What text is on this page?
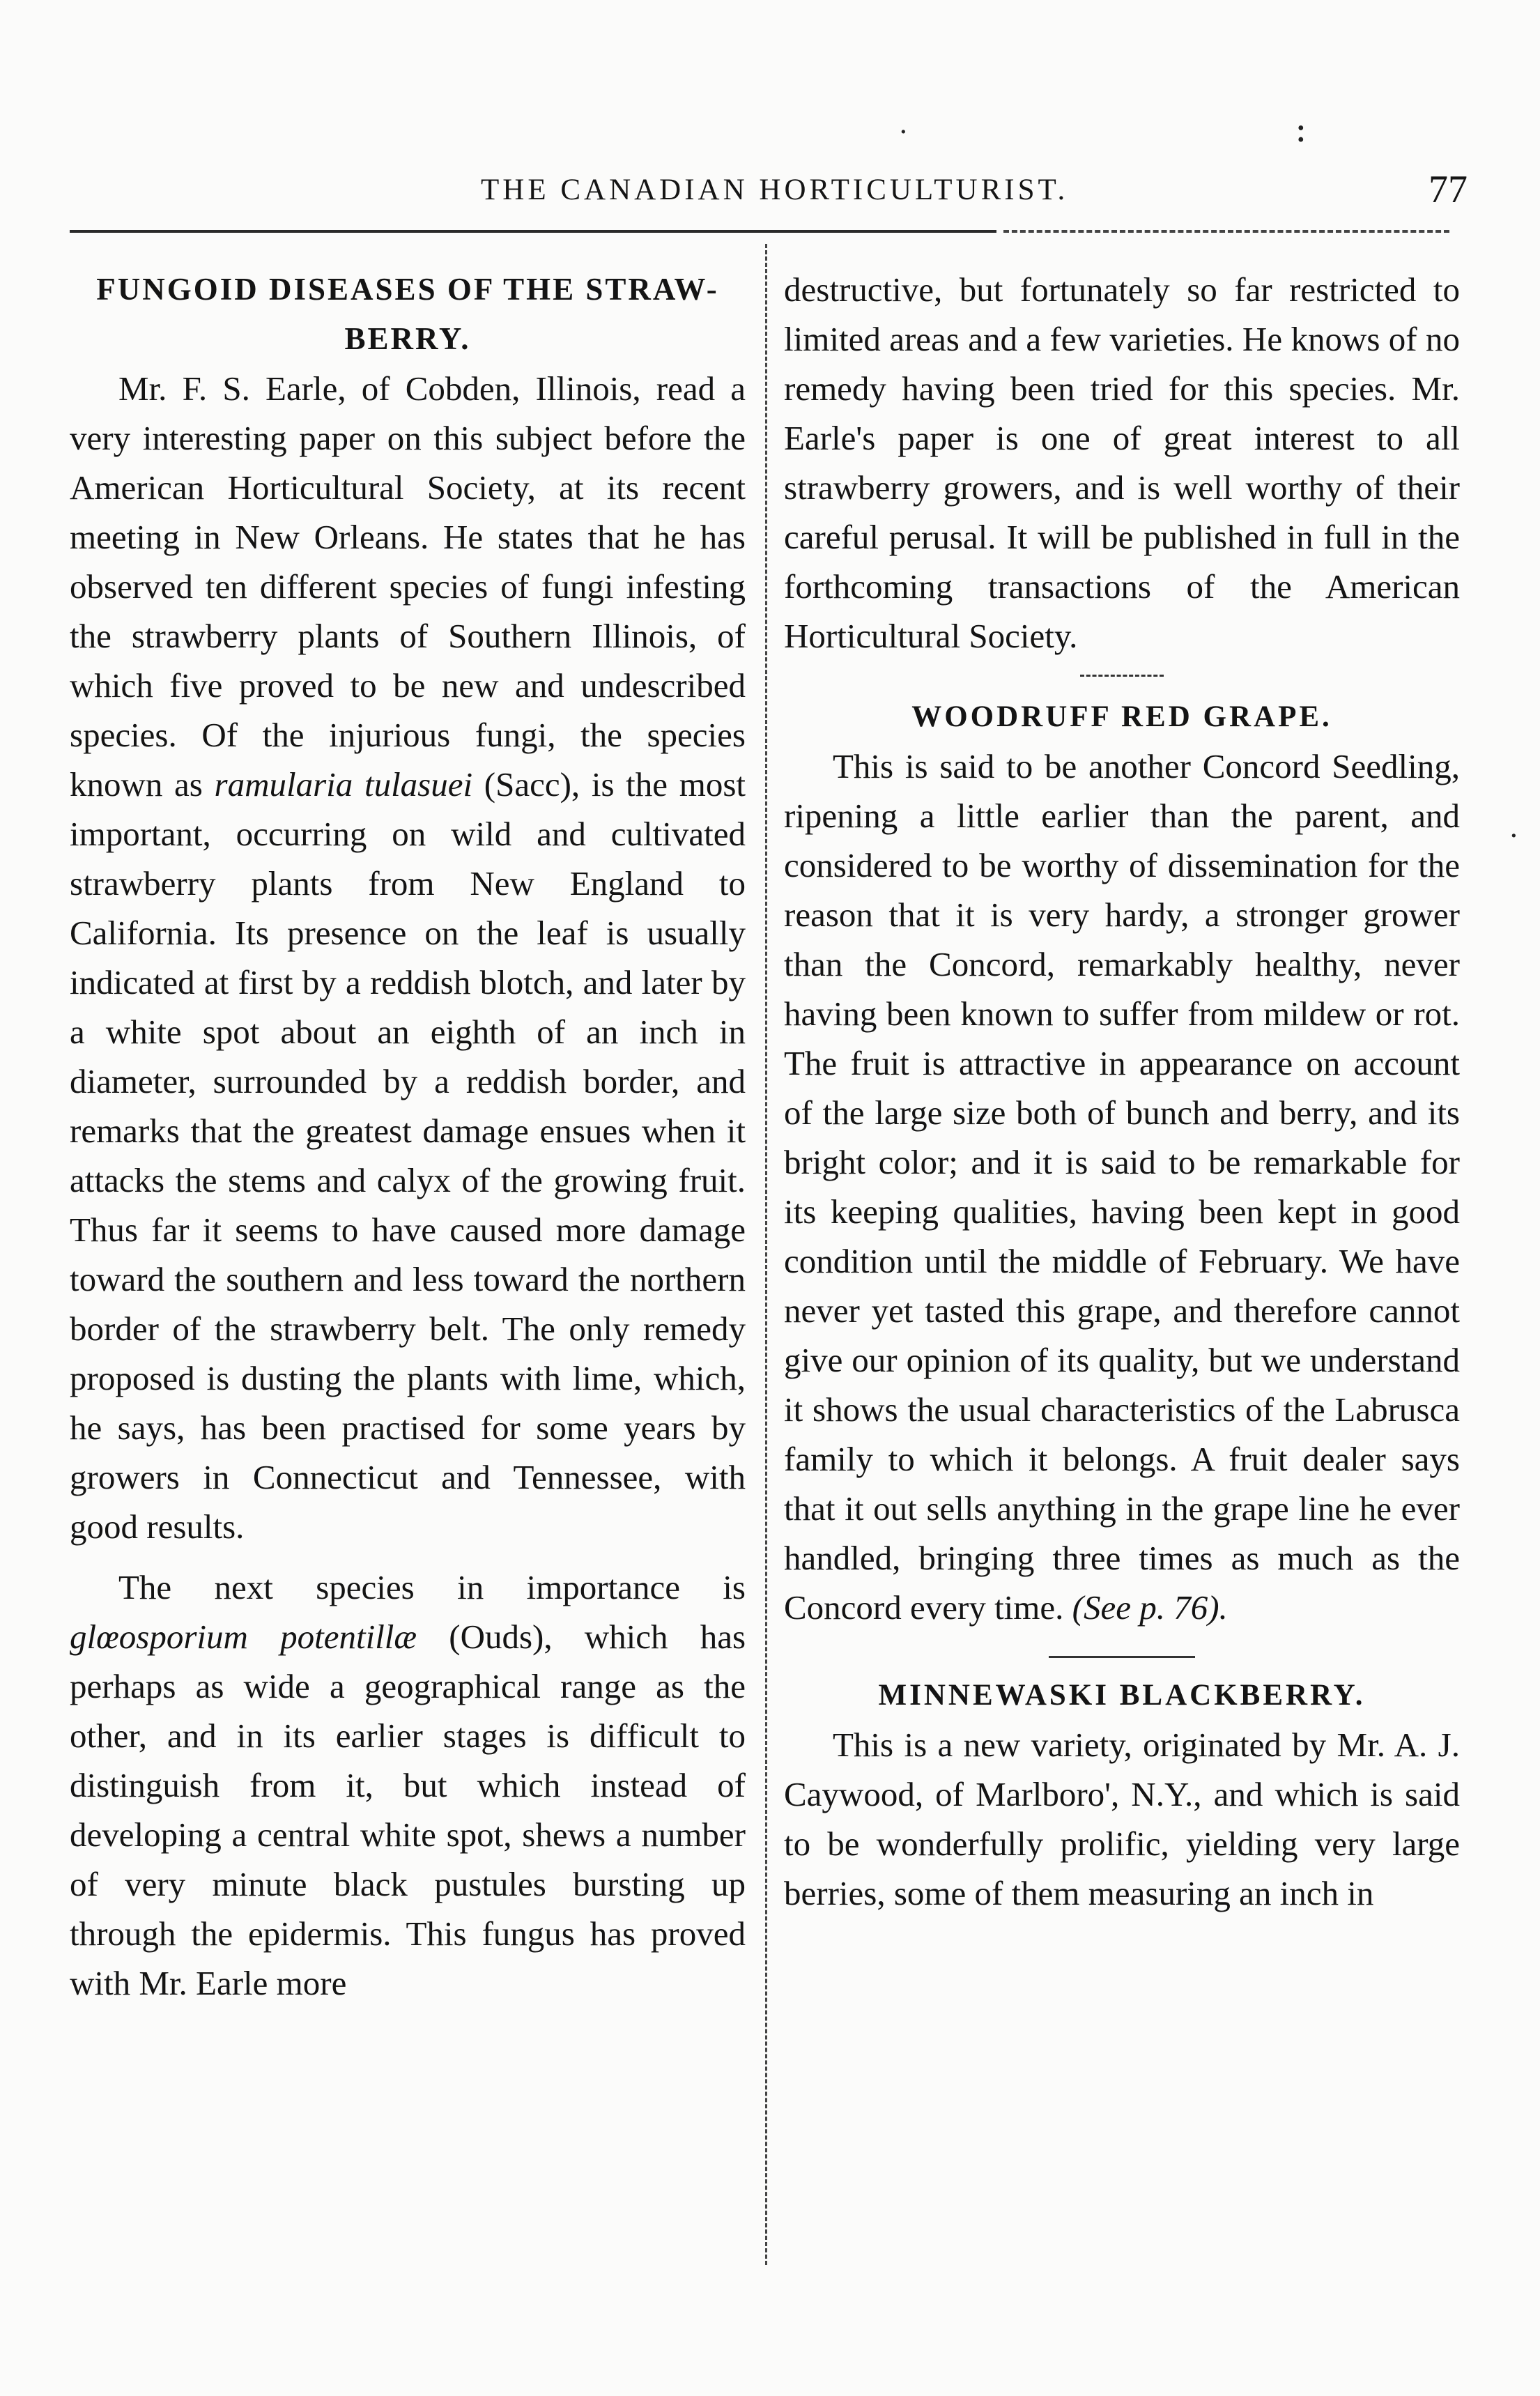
·	:
·
THE CANADIAN HORTICULTURIST.	77
FUNGOID DISEASES OF THE STRAW-BERRY.

Mr. F. S. Earle, of Cobden, Illinois, read a very interesting paper on this subject before the American Horticultural Society, at its recent meeting in New Orleans. He states that he has observed ten different species of fungi infesting the strawberry plants of Southern Illinois, of which five proved to be new and undescribed species. Of the injurious fungi, the species known as ramularia tulasuei (Sacc), is the most important, occurring on wild and cultivated strawberry plants from New England to California. Its presence on the leaf is usually indicated at first by a reddish blotch, and later by a white spot about an eighth of an inch in diameter, surrounded by a reddish border, and remarks that the greatest damage ensues when it attacks the stems and calyx of the growing fruit. Thus far it seems to have caused more damage toward the southern and less toward the northern border of the strawberry belt. The only remedy proposed is dusting the plants with lime, which, he says, has been practised for some years by growers in Connecticut and Tennessee, with good results.

The next species in importance is glœosporium potentillæ (Ouds), which has perhaps as wide a geographical range as the other, and in its earlier stages is difficult to distinguish from it, but which instead of developing a central white spot, shews a number of very minute black pustules bursting up through the epidermis. This fungus has proved with Mr. Earle more

destructive, but fortunately so far restricted to limited areas and a few varieties. He knows of no remedy having been tried for this species. Mr. Earle's paper is one of great interest to all strawberry growers, and is well worthy of their careful perusal. It will be published in full in the forthcoming transactions of the American Horticultural Society.

WOODRUFF RED GRAPE.

This is said to be another Concord Seedling, ripening a little earlier than the parent, and considered to be worthy of dissemination for the reason that it is very hardy, a stronger grower than the Concord, remarkably healthy, never having been known to suffer from mildew or rot. The fruit is attractive in appearance on account of the large size both of bunch and berry, and its bright color; and it is said to be remarkable for its keeping qualities, having been kept in good condition until the middle of February. We have never yet tasted this grape, and therefore cannot give our opinion of its quality, but we understand it shows the usual characteristics of the Labrusca family to which it belongs. A fruit dealer says that it out sells anything in the grape line he ever handled, bringing three times as much as the Concord every time. (See p. 76).

MINNEWASKI BLACKBERRY.

This is a new variety, originated by Mr. A. J. Caywood, of Marlboro', N.Y., and which is said to be wonderfully prolific, yielding very large berries, some of them measuring an inch in
